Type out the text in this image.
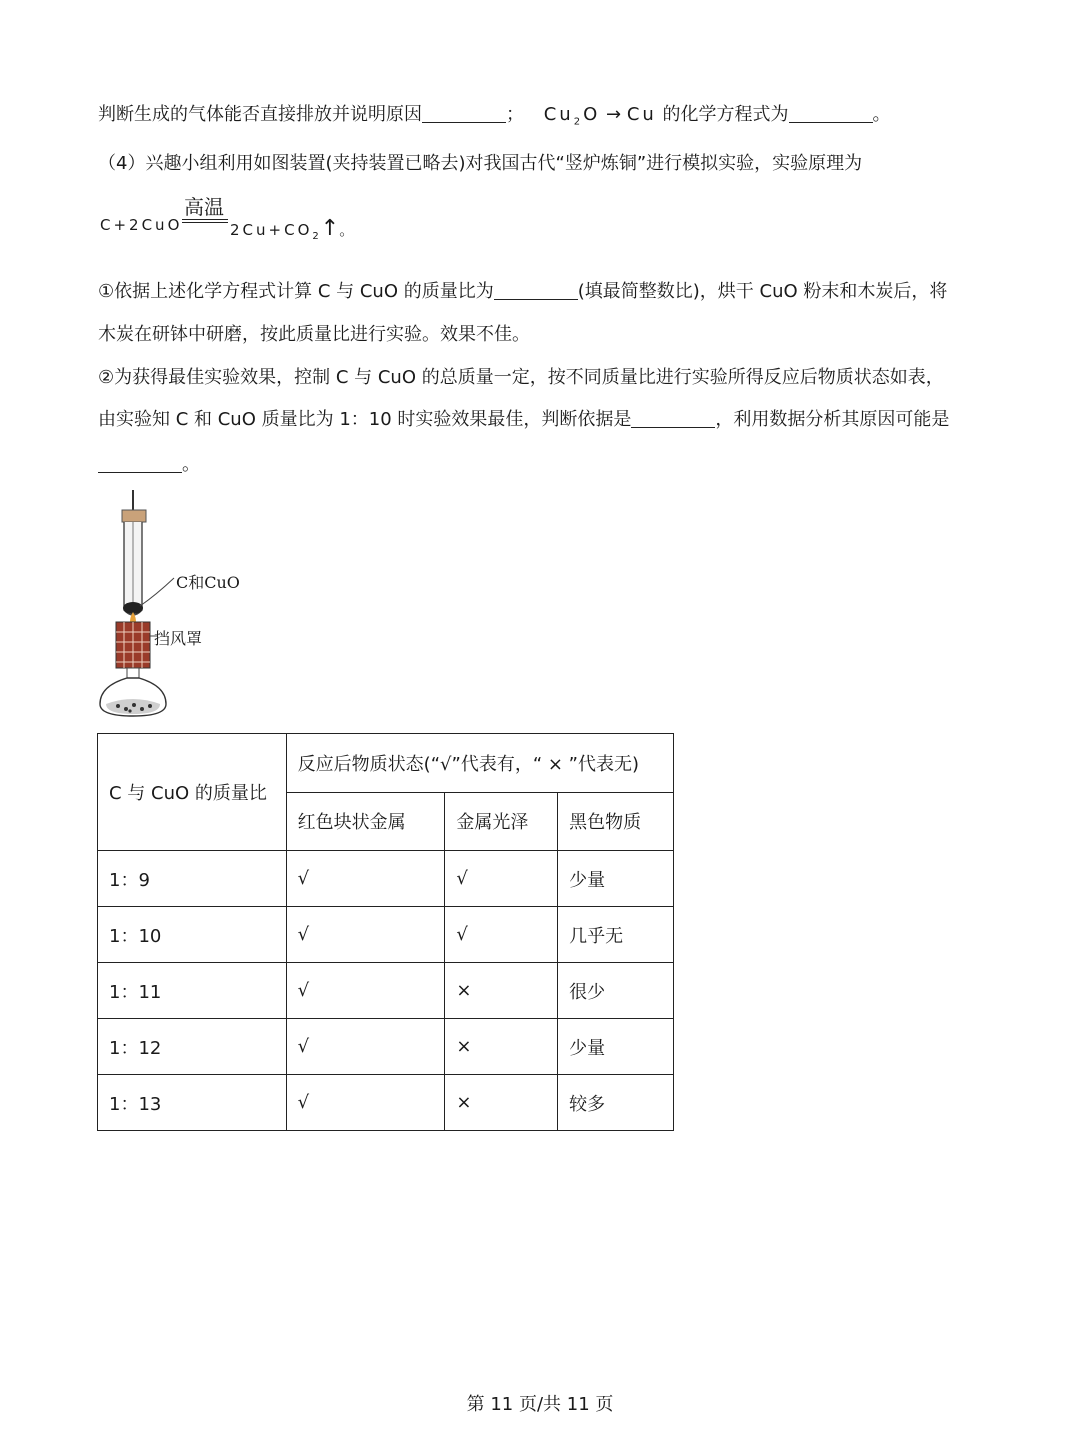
判断生成的气体能否直接排放并说明原因	； $Cu_2O \to Cu$ 的化学方程式为	。
（4）兴趣小组利用如图装置(夹持装置已略去)对我国古代“竖炉炼铜”进行模拟实验，实验原理为
高温
C+2CuO	$2Cu+CO_2↑$。
①依据上述化学方程式计算 C 与 CuO 的质量比为	(填最简整数比)，烘干 CuO 粉末和木炭后，将
木炭在研钵中研磨，按此质量比进行实验。效果不佳。
②为获得最佳实验效果，控制 C 与 CuO 的总质量一定，按不同质量比进行实验所得反应后物质状态如表，
由实验知 C 和 CuO 质量比为 1：10 时实验效果最佳，判断依据是	，利用数据分析其原因可能是
。
C和CuO
挡风罩
C 与 CuO 的质量比	反应后物质状态(“√”代表有，“ × ”代表无)		
	红色块状金属	金属光泽	黑色物质
1：9	√	√	少量
1：10	√	√	几乎无
1：11	√	×	很少
1：12	√	×	少量
1：13	√	×	较多
第 11 页/共 11 页
